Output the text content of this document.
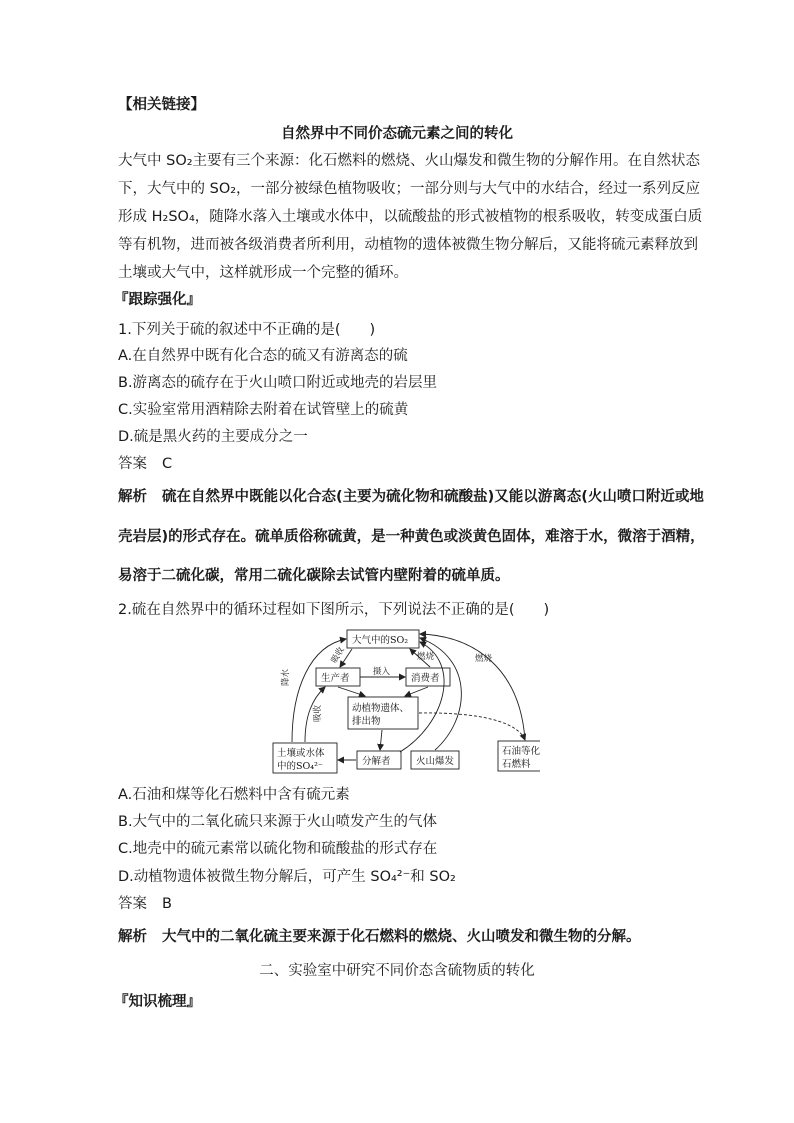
【相关链接】
自然界中不同价态硫元素之间的转化
大气中 SO₂主要有三个来源：化石燃料的燃烧、火山爆发和微生物的分解作用。在自然状态
下，大气中的 SO₂，一部分被绿色植物吸收；一部分则与大气中的水结合，经过一系列反应
形成 H₂SO₄，随降水落入土壤或水体中，以硫酸盐的形式被植物的根系吸收，转变成蛋白质
等有机物，进而被各级消费者所利用，动植物的遗体被微生物分解后，又能将硫元素释放到
土壤或大气中，这样就形成一个完整的循环。
『跟踪强化』
1.下列关于硫的叙述中不正确的是(　　)
A.在自然界中既有化合态的硫又有游离态的硫
B.游离态的硫存在于火山喷口附近或地壳的岩层里
C.实验室常用酒精除去附着在试管壁上的硫黄
D.硫是黑火药的主要成分之一
答案 C
解析 硫在自然界中既能以化合态(主要为硫化物和硫酸盐)又能以游离态(火山喷口附近或地
壳岩层)的形式存在。硫单质俗称硫黄，是一种黄色或淡黄色固体，难溶于水，微溶于酒精，
易溶于二硫化碳，常用二硫化碳除去试管内壁附着的硫单质。
2.硫在自然界中的循环过程如下图所示，下列说法不正确的是(　　)
大气中的SO₂
生产者	消费者
动植物遗体、
排出物
土壤或水体
中的SO₄²⁻	分解者	火山爆发
石油等化
石燃料
降水
吸收
摄入
燃烧	燃烧
吸收
A.石油和煤等化石燃料中含有硫元素
B.大气中的二氧化硫只来源于火山喷发产生的气体
C.地壳中的硫元素常以硫化物和硫酸盐的形式存在
D.动植物遗体被微生物分解后，可产生 SO₄²⁻和 SO₂
答案 B
解析 大气中的二氧化硫主要来源于化石燃料的燃烧、火山喷发和微生物的分解。
二、实验室中研究不同价态含硫物质的转化
『知识梳理』
